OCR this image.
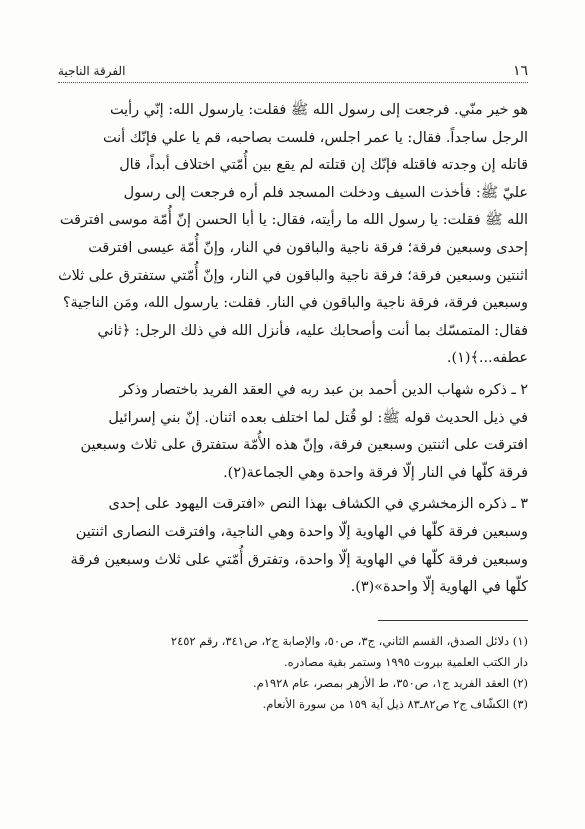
١٦
الفرقة الناجية

هو خير منّي. فرجعت إلى رسول الله ﷺ فقلت: يارسول الله: إنّي رأيت
الرجل ساجداً. فقال: يا عمر اجلس، فلست بصاحبه، قم يا علي فإنّك أنت
قاتله إن وجدته فاقتله فإنّك إن قتلته لم يقع بين أُمّتي اختلاف أبداً، قال
عليّ ﷺ: فأخذت السيف ودخلت المسجد فلم أره فرجعت إلى رسول
الله ﷺ فقلت: يا رسول الله ما رأيته، فقال: يا أبا الحسن إنّ أُمّة موسى افترقت
إحدى وسبعين فرقة؛ فرقة ناجية والباقون في النار، وإنّ أُمّة عيسى افترقت
اثنتين وسبعين فرقة؛ فرقة ناجية والباقون في النار، وإنّ أُمّتي ستفترق على ثلاث
وسبعين فرقة، فرقة ناجية والباقون في النار. فقلت: يارسول الله، ومَن الناجية؟
فقال: المتمسّك بما أنت وأصحابك عليه، فأنزل الله في ذلك الرجل: ﴿ثاني
عطفه...﴾(١).

٢ ـ ذكره شهاب الدين أحمد بن عبد ربه في العقد الفريد باختصار وذكر
في ذيل الحديث قوله ﷺ: لو قُتل لما اختلف بعده اثنان. إنّ بني إسرائيل
افترقت على اثنتين وسبعين فرقة، وإنّ هذه الأُمّة ستفترق على ثلاث وسبعين
فرقة كلّها في النار إلّا فرقة واحدة وهي الجماعة(٢).

٣ ـ ذكره الزمخشري في الكشاف بهذا النص «افترقت اليهود على إحدى
وسبعين فرقة كلّها في الهاوية إلّا واحدة وهي الناجية، وافترقت النصارى اثنتين
وسبعين فرقة كلّها في الهاوية إلّا واحدة، وتفترق أُمّتي على ثلاث وسبعين فرقة
كلّها في الهاوية إلّا واحدة»(٣).

(١) دلائل الصدق، القسم الثاني، ج٣، ص٥٠، والإصابة ج٢، ص٣٤١، رقم ٢٤٥٢
دار الكتب العلمية بيروت ١٩٩٥ وستمر بقية مصادره.

(٢) العقد الفريد ج١، ص٣٥٠، ط الأزهر بمصر، عام ١٩٢٨م.

(٣) الكشّاف ج٢ ص٨٢ـ٨٣ ذيل آية ١٥٩ من سورة الأنعام.
